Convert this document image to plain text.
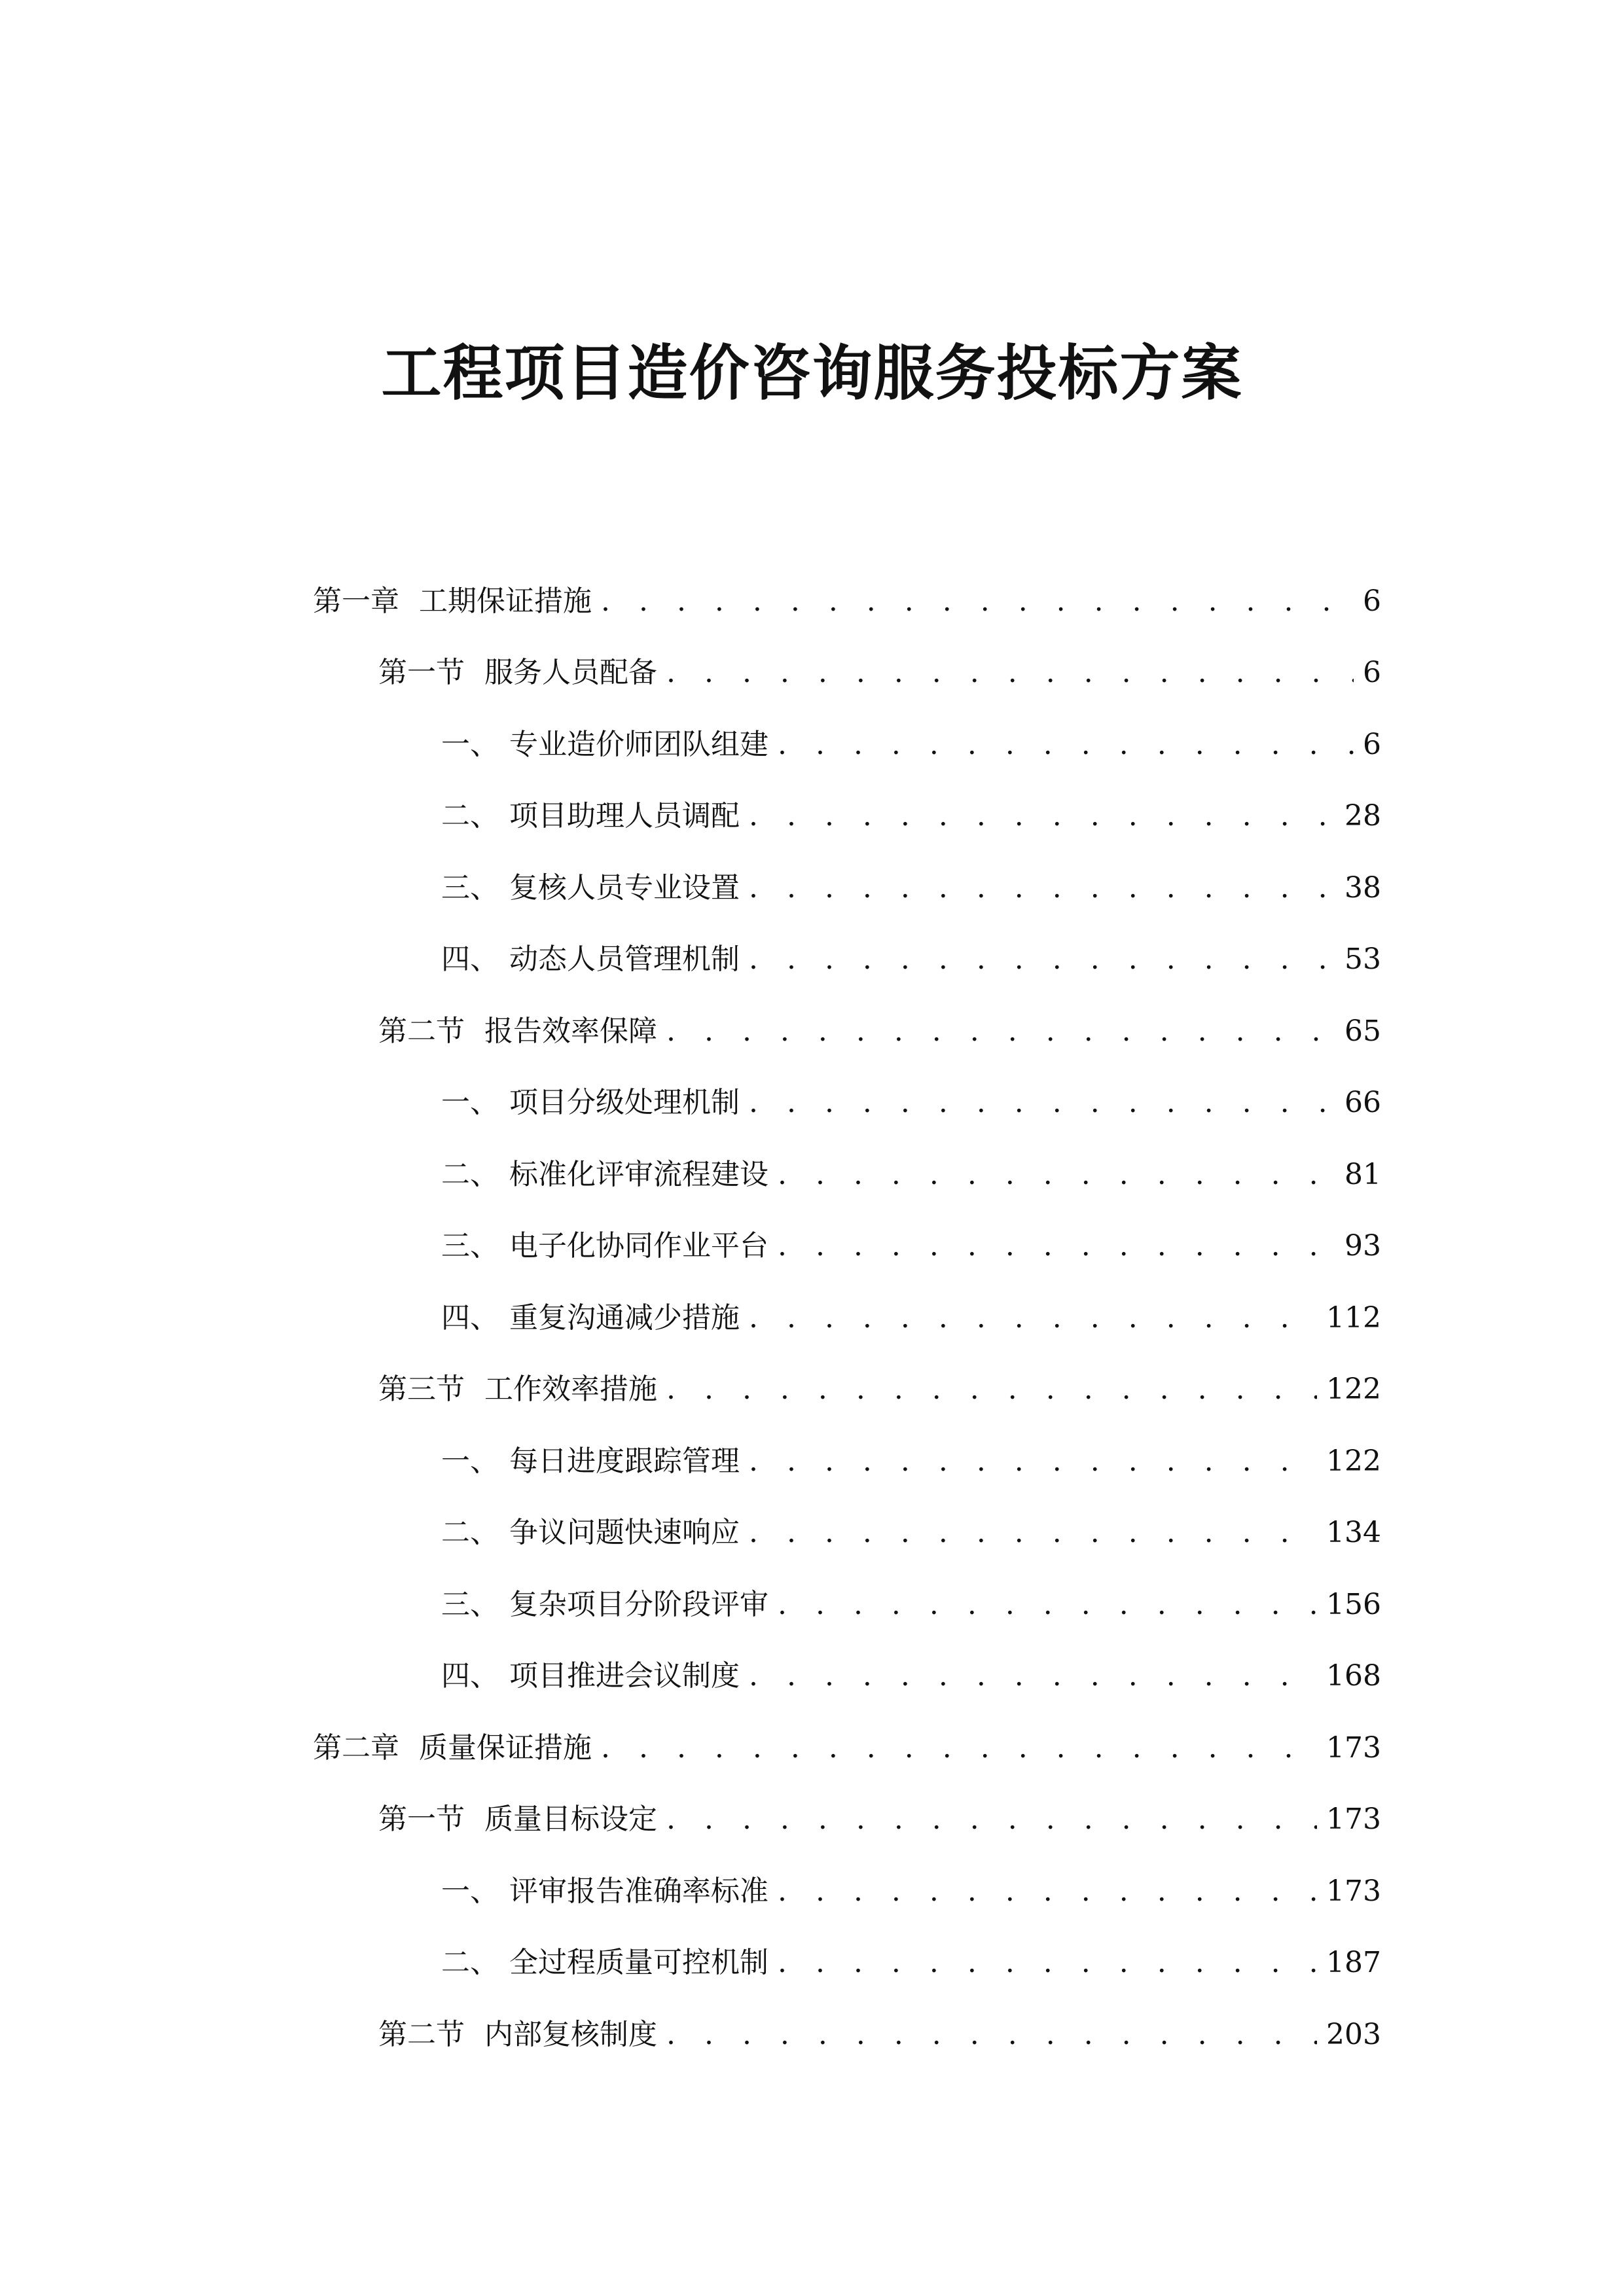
工程项目造价咨询服务投标方案
第一章 工期保证措施 . . .	6
第一节 服务人员配备 . . .	6
一、 专业造价师团队组建 . . .	6
二、 项目助理人员调配 . . .	28
三、 复核人员专业设置 . . .	38
四、 动态人员管理机制 . . .	53
第二节 报告效率保障 . . .	65
一、 项目分级处理机制 . . .	66
二、 标准化评审流程建设 . . .	81
三、 电子化协同作业平台 . . .	93
四、 重复沟通减少措施 . . .	112
第三节 工作效率措施 . . .	122
一、 每日进度跟踪管理 . . .	122
二、 争议问题快速响应 . . .	134
三、 复杂项目分阶段评审 . . .	156
四、 项目推进会议制度 . . .	168
第二章 质量保证措施 . . .	173
第一节 质量目标设定 . . .	173
一、 评审报告准确率标准 . . .	173
二、 全过程质量可控机制 . . .	187
第二节 内部复核制度 . . .	203
